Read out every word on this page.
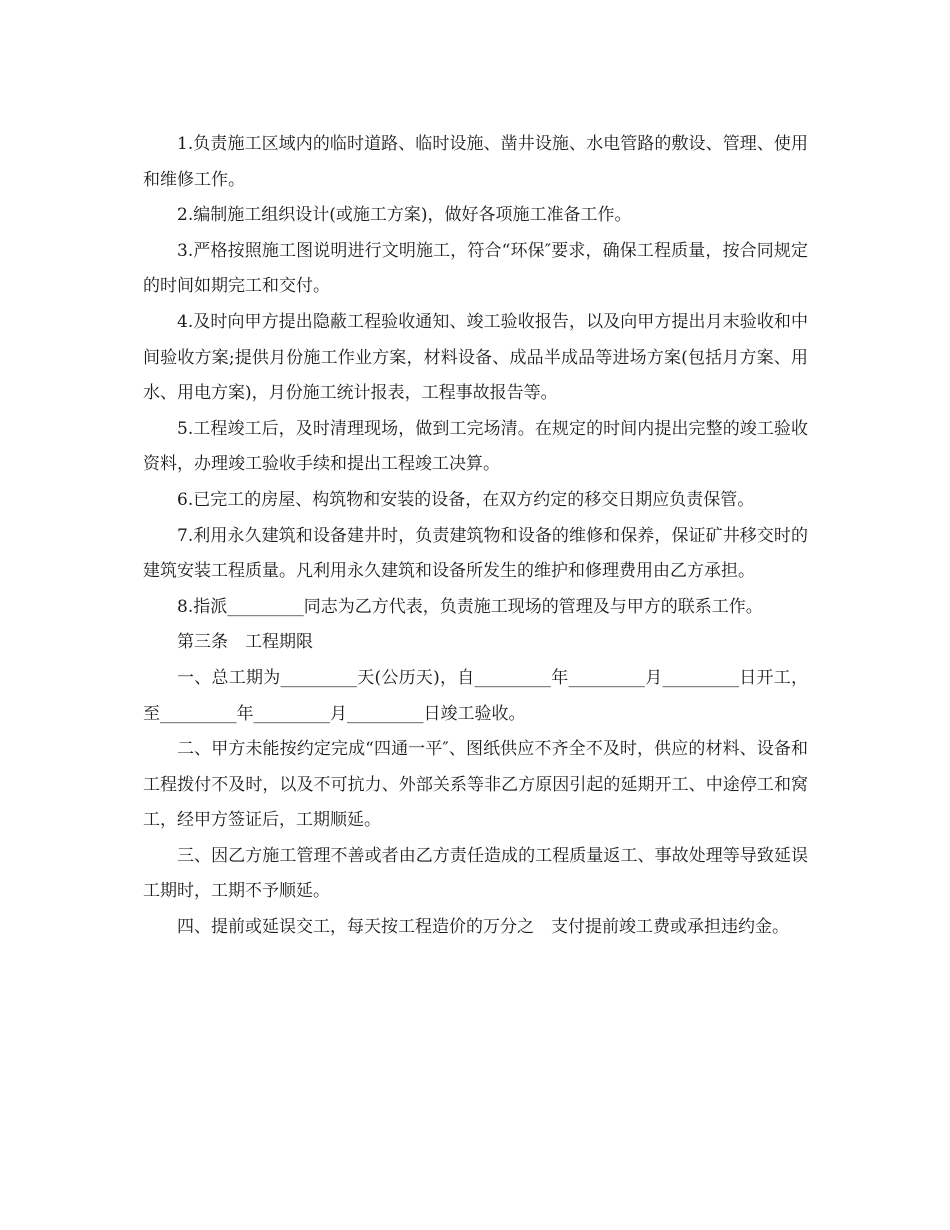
1.负责施工区域内的临时道路、临时设施、凿井设施、水电管路的敷设、管理、使用和维修工作。

2.编制施工组织设计(或施工方案)，做好各项施工准备工作。

3.严格按照施工图说明进行文明施工，符合“环保″要求，确保工程质量，按合同规定的时间如期完工和交付。

4.及时向甲方提出隐蔽工程验收通知、竣工验收报告，以及向甲方提出月末验收和中间验收方案;提供月份施工作业方案，材料设备、成品半成品等进场方案(包括月方案、用水、用电方案)，月份施工统计报表，工程事故报告等。

5.工程竣工后，及时清理现场，做到工完场清。在规定的时间内提出完整的竣工验收资料，办理竣工验收手续和提出工程竣工决算。

6.已完工的房屋、构筑物和安装的设备，在双方约定的移交日期应负责保管。

7.利用永久建筑和设备建井时，负责建筑物和设备的维修和保养，保证矿井移交时的建筑安装工程质量。凡利用永久建筑和设备所发生的维护和修理费用由乙方承担。

8.指派_________同志为乙方代表，负责施工现场的管理及与甲方的联系工作。

第三条　工程期限

一、总工期为_________天(公历天)，自_________年_________月_________日开工，至_________年_________月_________日竣工验收。

二、甲方未能按约定完成“四通一平″、图纸供应不齐全不及时，供应的材料、设备和工程拨付不及时，以及不可抗力、外部关系等非乙方原因引起的延期开工、中途停工和窝工，经甲方签证后，工期顺延。

三、因乙方施工管理不善或者由乙方责任造成的工程质量返工、事故处理等导致延误工期时，工期不予顺延。

四、提前或延误交工，每天按工程造价的万分之　支付提前竣工费或承担违约金。
